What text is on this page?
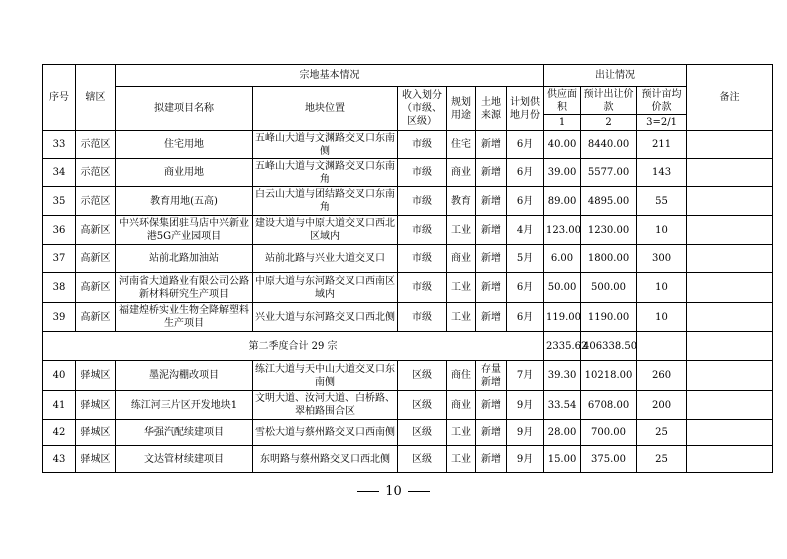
序号	辖区	宗地基本情况						出让情况			备注
		拟建项目名称	地块位置	收入划分（市级、区级）	规划用途	土地来源	计划供地月份	供应面积	预计出让价款	预计亩均价款	
								1	2	3=2/1	
33	示范区	住宅用地	五峰山大道与文渊路交叉口东南侧	市级	住宅	新增	6月	40.00	8440.00	211	
34	示范区	商业用地	五峰山大道与文渊路交叉口东南角	市级	商业	新增	6月	39.00	5577.00	143	
35	示范区	教育用地(五高)	白云山大道与团结路交叉口东南角	市级	教育	新增	6月	89.00	4895.00	55	
36	高新区	中兴环保集团驻马店中兴新业港5G产业园项目	建设大道与中原大道交叉口西北区域内	市级	工业	新增	4月	123.00	1230.00	10	
37	高新区	站前北路加油站	站前北路与兴业大道交叉口	市级	商业	新增	5月	6.00	1800.00	300	
38	高新区	河南省大道路业有限公司公路新材料研究生产项目	中原大道与东河路交叉口西南区域内	市级	工业	新增	6月	50.00	500.00	10	
39	高新区	福建煌桥实业生物全降解塑料生产项目	兴业大道与东河路交叉口西北侧	市级	工业	新增	6月	119.00	1190.00	10	
第二季度合计 29 宗								2335.62	406338.50		
40	驿城区	墨泥沟棚改项目	练江大道与天中山大道交叉口东南侧	区级	商住	存量新增	7月	39.30	10218.00	260	
41	驿城区	练江河三片区开发地块1	文明大道、汝河大道、白桥路、翠柏路围合区	区级	商业	新增	9月	33.54	6708.00	200	
42	驿城区	华强汽配续建项目	雪松大道与蔡州路交叉口西南侧	区级	工业	新增	9月	28.00	700.00	25	
43	驿城区	文达管材续建项目	东明路与蔡州路交叉口西北侧	区级	工业	新增	9月	15.00	375.00	25	
10
